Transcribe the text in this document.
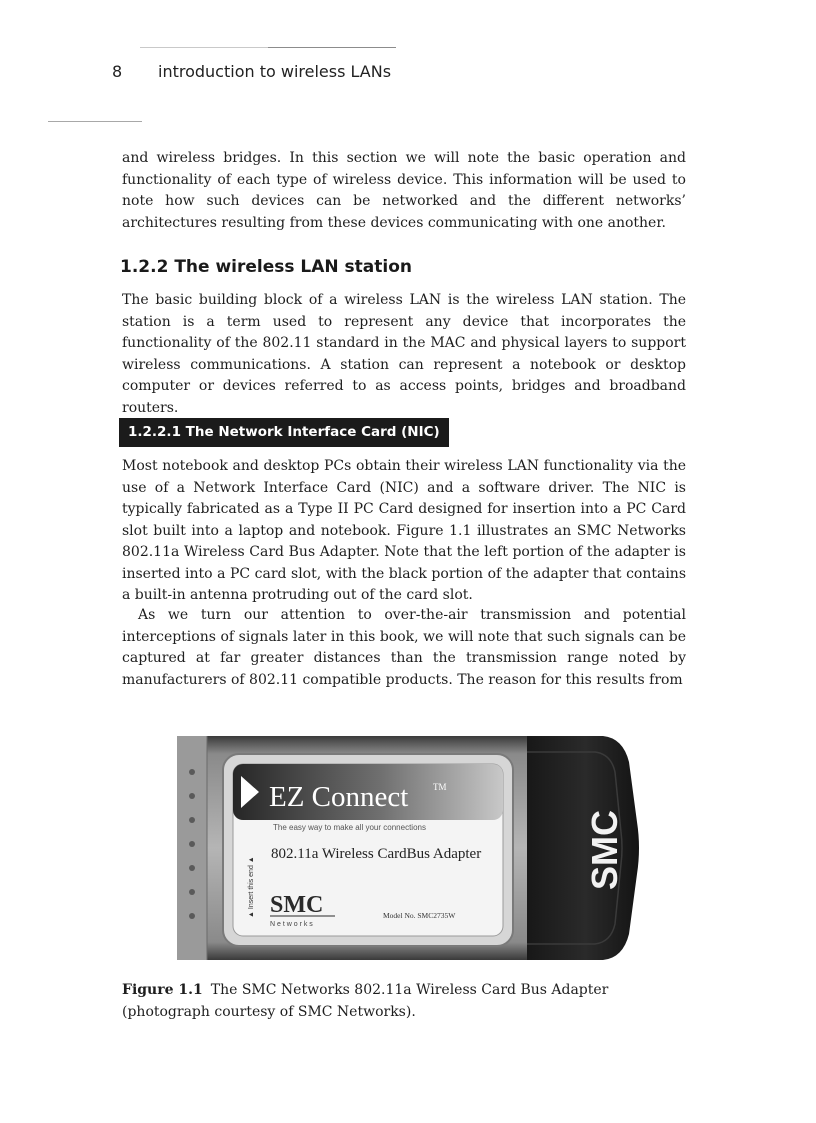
8 introduction to wireless LANs

and wireless bridges. In this section we will note the basic operation and functionality of each type of wireless device. This information will be used to note how such devices can be networked and the different networks’ architectures resulting from these devices communicating with one another.

1.2.2 The wireless LAN station

The basic building block of a wireless LAN is the wireless LAN station. The station is a term used to represent any device that incorporates the functionality of the 802.11 standard in the MAC and physical layers to support wireless communications. A station can represent a notebook or desktop computer or devices referred to as access points, bridges and broadband routers.

1.2.2.1 The Network Interface Card (NIC)

Most notebook and desktop PCs obtain their wireless LAN functionality via the use of a Network Interface Card (NIC) and a software driver. The NIC is typically fabricated as a Type II PC Card designed for insertion into a PC Card slot built into a laptop and notebook. Figure 1.1 illustrates an SMC Networks 802.11a Wireless Card Bus Adapter. Note that the left portion of the adapter is inserted into a PC card slot, with the black portion of the adapter that contains a built-in antenna protruding out of the card slot.

As we turn our attention to over-the-air transmission and potential interceptions of signals later in this book, we will note that such signals can be captured at far greater distances than the transmission range noted by manufacturers of 802.11 compatible products. The reason for this results from

EZ Connect	TM
The easy way to make all your connections
802.11a Wireless CardBus Adapter
SMC
N e t w o r k s
Model No. SMC2735W
▲ Insert this end ▲	SMC

Figure 1.1 The SMC Networks 802.11a Wireless Card Bus Adapter (photograph courtesy of SMC Networks).
